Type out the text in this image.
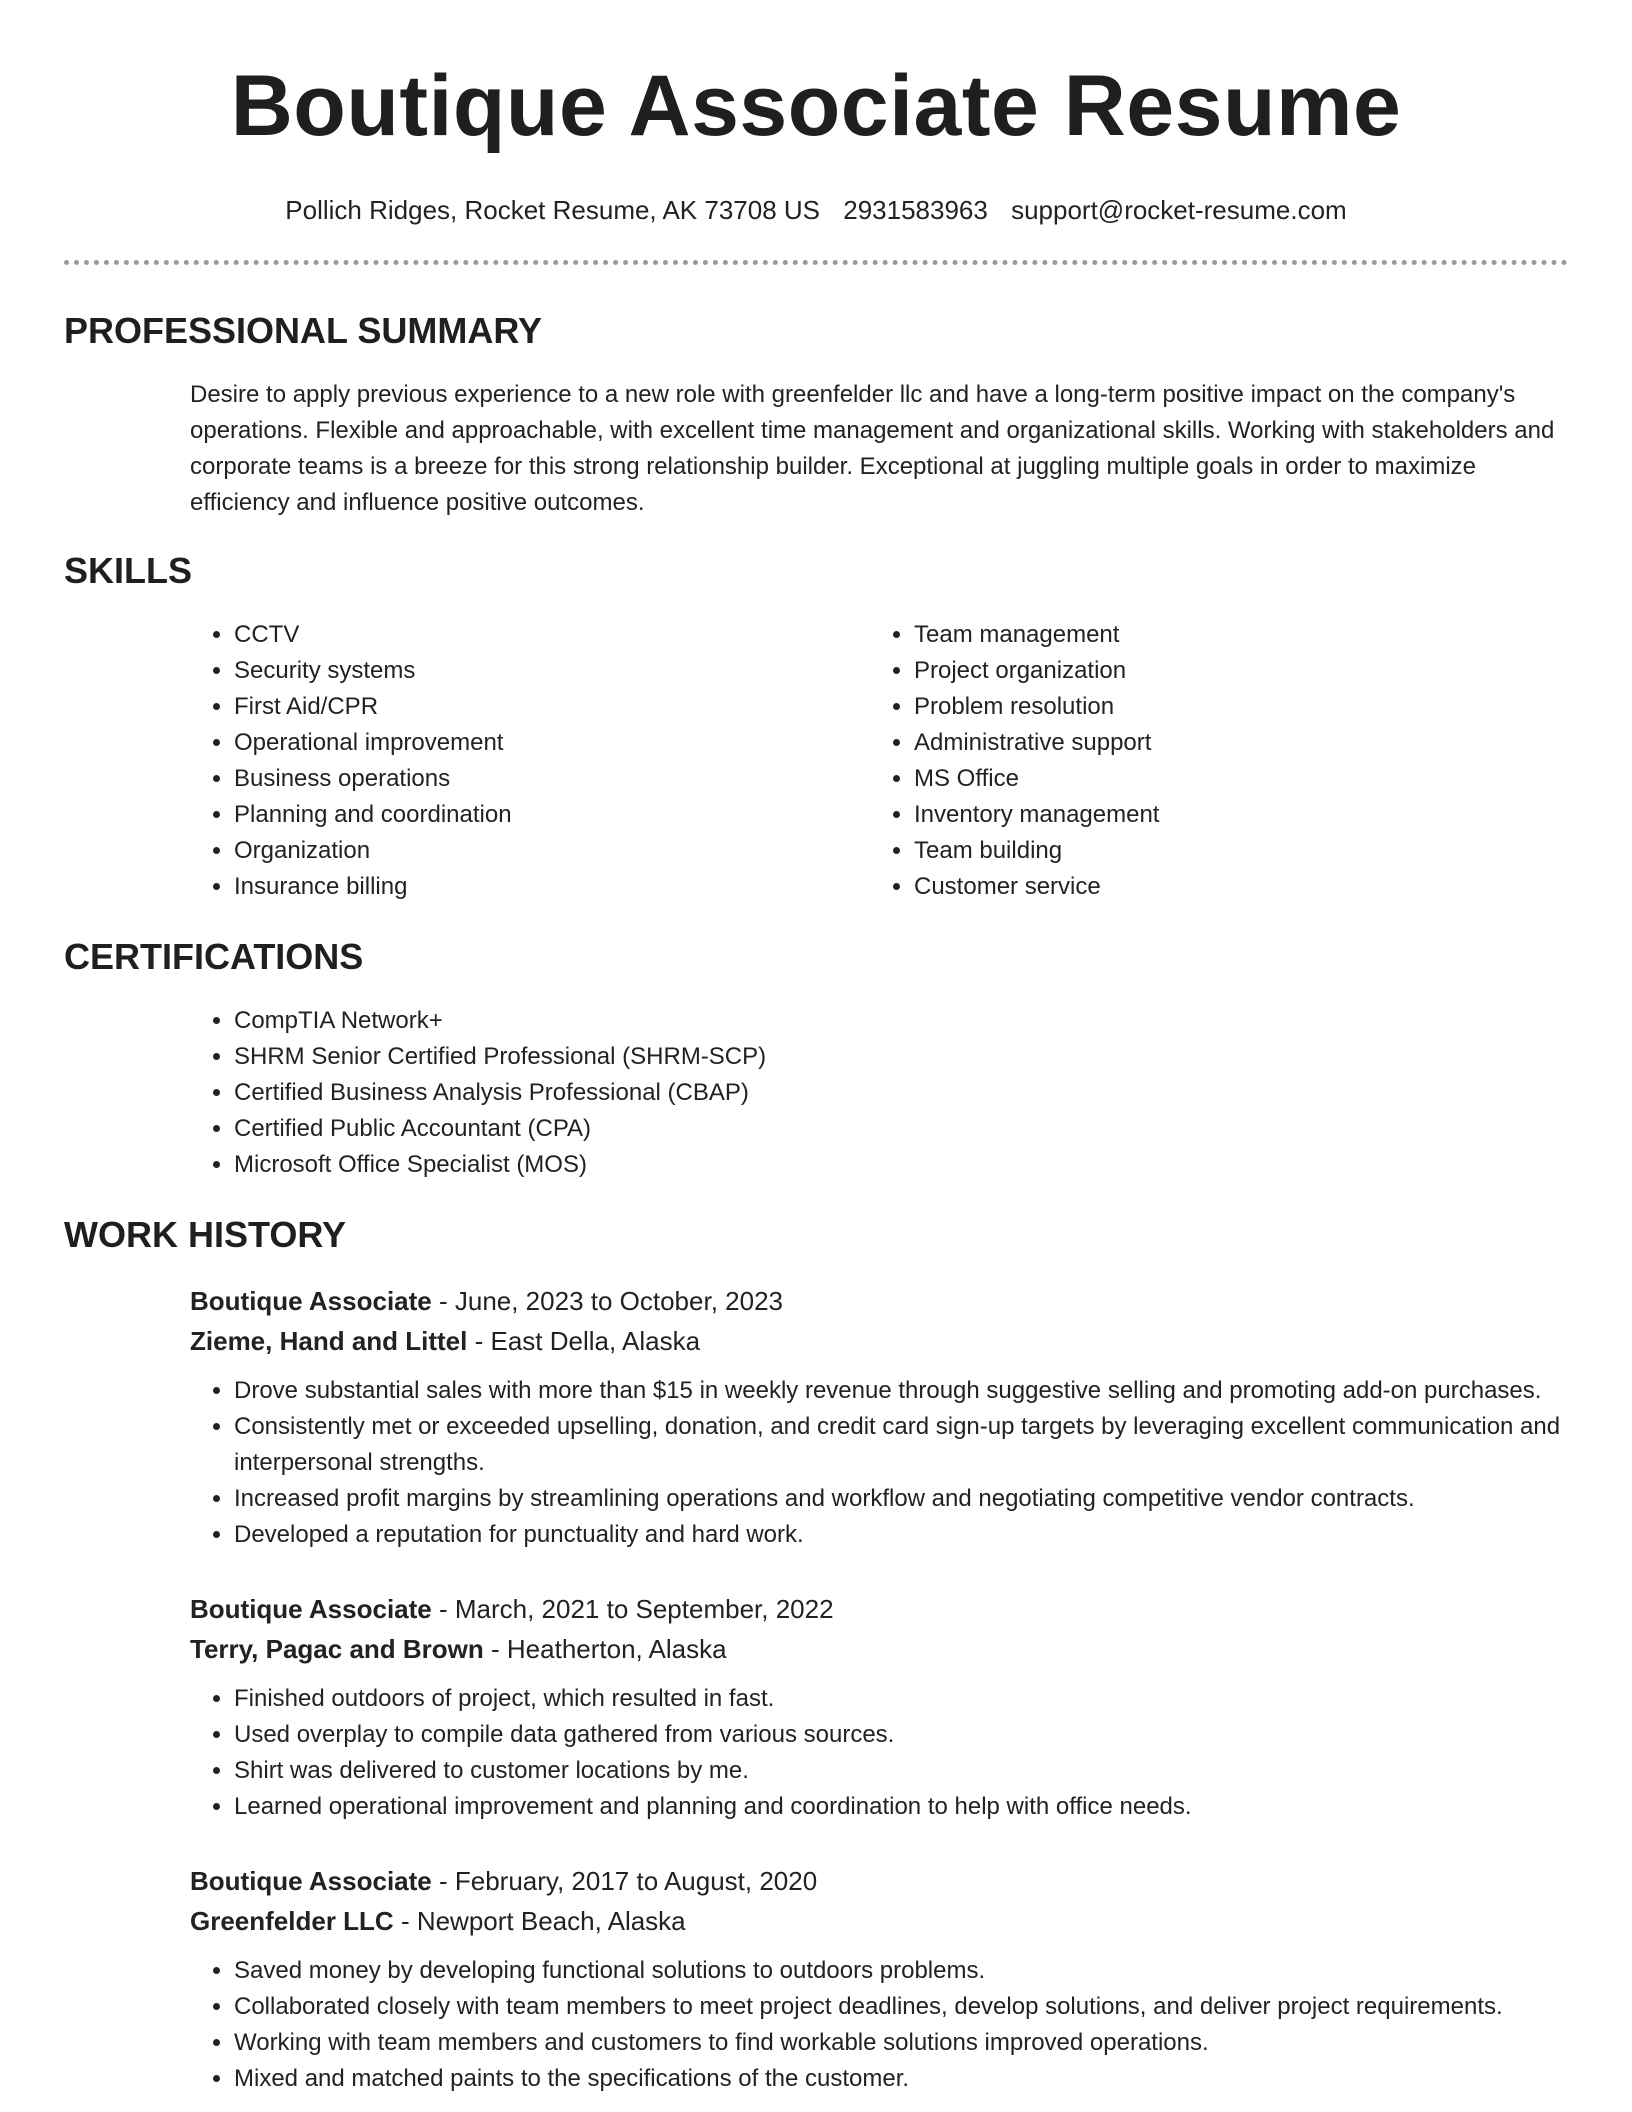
Boutique Associate Resume
Pollich Ridges, Rocket Resume, AK 73708 US 2931583963 support@rocket-resume.com
PROFESSIONAL SUMMARY
Desire to apply previous experience to a new role with greenfelder llc and have a long-term positive impact on the company's operations. Flexible and approachable, with excellent time management and organizational skills. Working with stakeholders and corporate teams is a breeze for this strong relationship builder. Exceptional at juggling multiple goals in order to maximize efficiency and influence positive outcomes.
SKILLS
• CCTV
• Security systems
• First Aid/CPR
• Operational improvement
• Business operations
• Planning and coordination
• Organization
• Insurance billing
• Team management
• Project organization
• Problem resolution
• Administrative support
• MS Office
• Inventory management
• Team building
• Customer service
CERTIFICATIONS
• CompTIA Network+
• SHRM Senior Certified Professional (SHRM-SCP)
• Certified Business Analysis Professional (CBAP)
• Certified Public Accountant (CPA)
• Microsoft Office Specialist (MOS)
WORK HISTORY
Boutique Associate - June, 2023 to October, 2023
Zieme, Hand and Littel - East Della, Alaska
• Drove substantial sales with more than $15 in weekly revenue through suggestive selling and promoting add-on purchases.
• Consistently met or exceeded upselling, donation, and credit card sign-up targets by leveraging excellent communication and interpersonal strengths.
• Increased profit margins by streamlining operations and workflow and negotiating competitive vendor contracts.
• Developed a reputation for punctuality and hard work.
Boutique Associate - March, 2021 to September, 2022
Terry, Pagac and Brown - Heatherton, Alaska
• Finished outdoors of project, which resulted in fast.
• Used overplay to compile data gathered from various sources.
• Shirt was delivered to customer locations by me.
• Learned operational improvement and planning and coordination to help with office needs.
Boutique Associate - February, 2017 to August, 2020
Greenfelder LLC - Newport Beach, Alaska
• Saved money by developing functional solutions to outdoors problems.
• Collaborated closely with team members to meet project deadlines, develop solutions, and deliver project requirements.
• Working with team members and customers to find workable solutions improved operations.
• Mixed and matched paints to the specifications of the customer.
